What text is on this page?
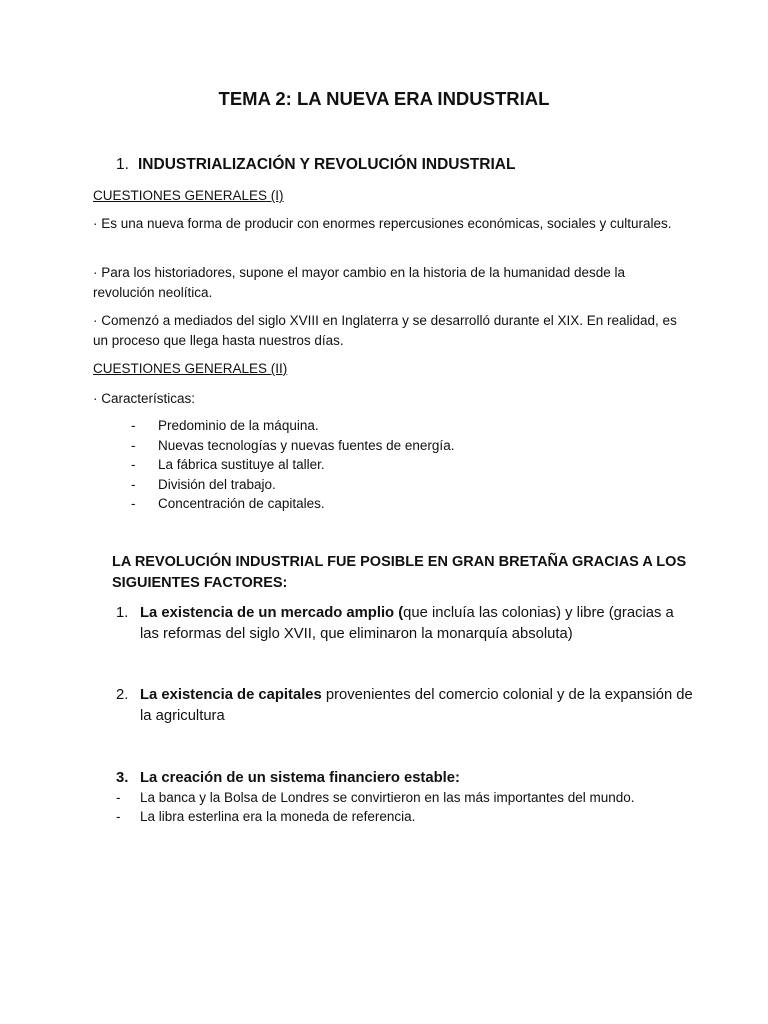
TEMA 2: LA NUEVA ERA INDUSTRIAL
1. INDUSTRIALIZACIÓN Y REVOLUCIÓN INDUSTRIAL
CUESTIONES GENERALES (I)

· Es una nueva forma de producir con enormes repercusiones económicas, sociales y culturales.

· Para los historiadores, supone el mayor cambio en la historia de la humanidad desde la revolución neolítica.

· Comenzó a mediados del siglo XVIII en Inglaterra y se desarrolló durante el XIX. En realidad, es un proceso que llega hasta nuestros días.

CUESTIONES GENERALES (II)
· Características:
- Predominio de la máquina.
- Nuevas tecnologías y nuevas fuentes de energía.
- La fábrica sustituye al taller.
- División del trabajo.
- Concentración de capitales.
LA REVOLUCIÓN INDUSTRIAL FUE POSIBLE EN GRAN BRETAÑA GRACIAS A LOS SIGUIENTES FACTORES:
1. La existencia de un mercado amplio (que incluía las colonias) y libre (gracias a las reformas del siglo XVII, que eliminaron la monarquía absoluta)
2. La existencia de capitales provenientes del comercio colonial y de la expansión de la agricultura
3. La creación de un sistema financiero estable:
- La banca y la Bolsa de Londres se convirtieron en las más importantes del mundo.
- La libra esterlina era la moneda de referencia.
